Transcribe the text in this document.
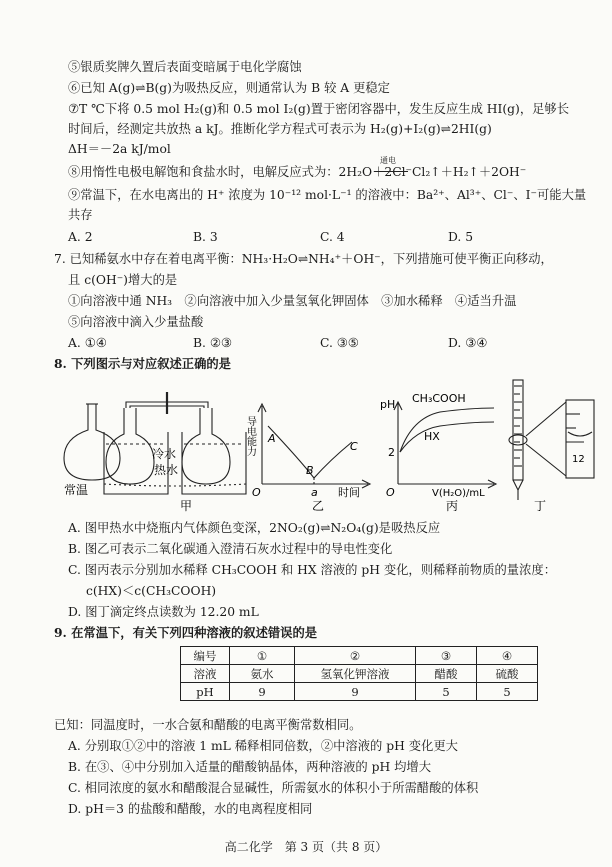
⑤银质奖牌久置后表面变暗属于电化学腐蚀
⑥已知 A(g)⇌B(g)为吸热反应，则通常认为 B 较 A 更稳定
⑦T ℃下将 0.5 mol H₂(g)和 0.5 mol I₂(g)置于密闭容器中，发生反应生成 HI(g)，足够长
时间后，经测定共放热 a kJ。推断化学方程式可表示为 H₂(g)+I₂(g)⇌2HI(g)
ΔH＝－2a kJ/mol
⑧用惰性电极电解饱和食盐水时，电解反应式为：2H₂O＋2Cl⁻
通电
Cl₂↑＋H₂↑＋2OH⁻
⑨常温下，在水电离出的 H⁺ 浓度为 10⁻¹² mol·L⁻¹ 的溶液中：Ba²⁺、Al³⁺、Cl⁻、I⁻可能大量
共存
A. 2	B. 3	C. 4	D. 5
7. 已知稀氨水中存在着电离平衡：NH₃·H₂O⇌NH₄⁺＋OH⁻，下列措施可使平衡正向移动，
且 c(OH⁻)增大的是
①向溶液中通 NH₃　②向溶液中加入少量氢氧化钾固体　③加水稀释　④适当升温
⑤向溶液中滴入少量盐酸
A. ①④	B. ②③	C. ③⑤	D. ③④
8. 下列图示与对应叙述正确的是
常温
冷水
热水
甲
导电能力 A
B
C
a
O	时间
乙
pH CH₃COOH
HX
2
O	V(H₂O)/mL
丙
12
丁
A. 图甲热水中烧瓶内气体颜色变深，2NO₂(g)⇌N₂O₄(g)是吸热反应
B. 图乙可表示二氧化碳通入澄清石灰水过程中的导电性变化
C. 图丙表示分别加水稀释 CH₃COOH 和 HX 溶液的 pH 变化，则稀释前物质的量浓度：
c(HX)＜c(CH₃COOH)
D. 图丁滴定终点读数为 12.20 mL
9. 在常温下，有关下列四种溶液的叙述错误的是
编号	①	②	③	④
溶液	氨水	氢氧化钾溶液	醋酸	硫酸
pH	9	9	5	5
已知：同温度时，一水合氨和醋酸的电离平衡常数相同。
A. 分别取①②中的溶液 1 mL 稀释相同倍数，②中溶液的 pH 变化更大
B. 在③、④中分别加入适量的醋酸钠晶体，两种溶液的 pH 均增大
C. 相同浓度的氨水和醋酸混合显碱性，所需氨水的体积小于所需醋酸的体积
D. pH＝3 的盐酸和醋酸，水的电离程度相同
高二化学　第 3 页（共 8 页）
